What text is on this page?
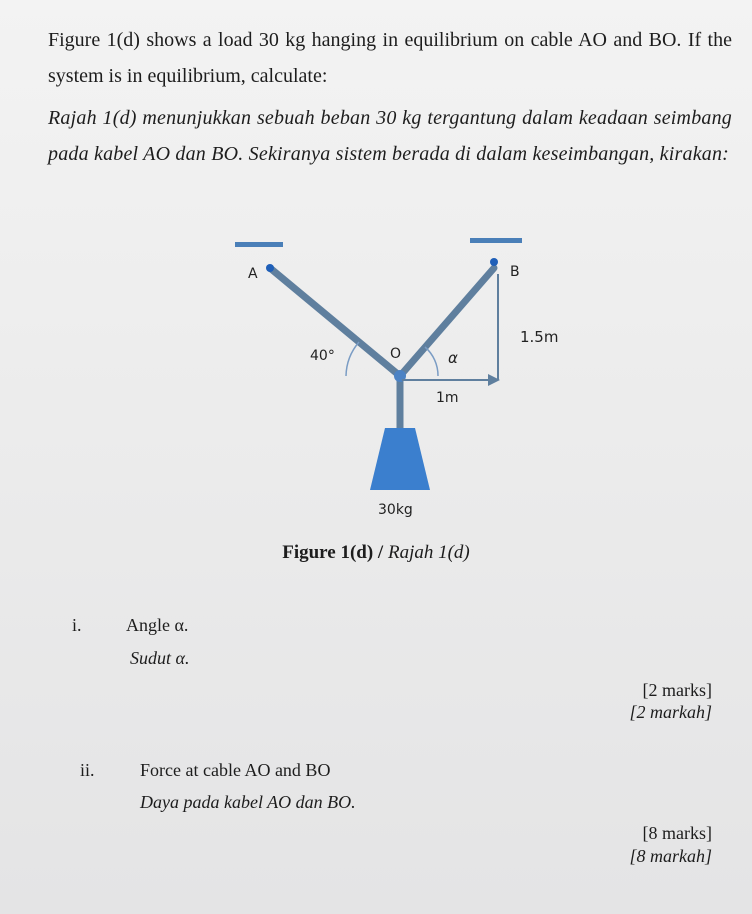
Figure 1(d) shows a load 30 kg hanging in equilibrium on cable AO and BO. If the system is in equilibrium, calculate:
Rajah 1(d) menunjukkan sebuah beban 30 kg tergantung dalam keadaan seimbang pada kabel AO dan BO. Sekiranya sistem berada di dalam keseimbangan, kirakan:
A	B
O
40°	α
1.5m
1m
30kg
Figure 1(d) / Rajah 1(d)
i. Angle α.
Sudut α.
[2 marks]
[2 markah]
ii.	Force at cable AO and BO
Daya pada kabel AO dan BO.
[8 marks]
[8 markah]
